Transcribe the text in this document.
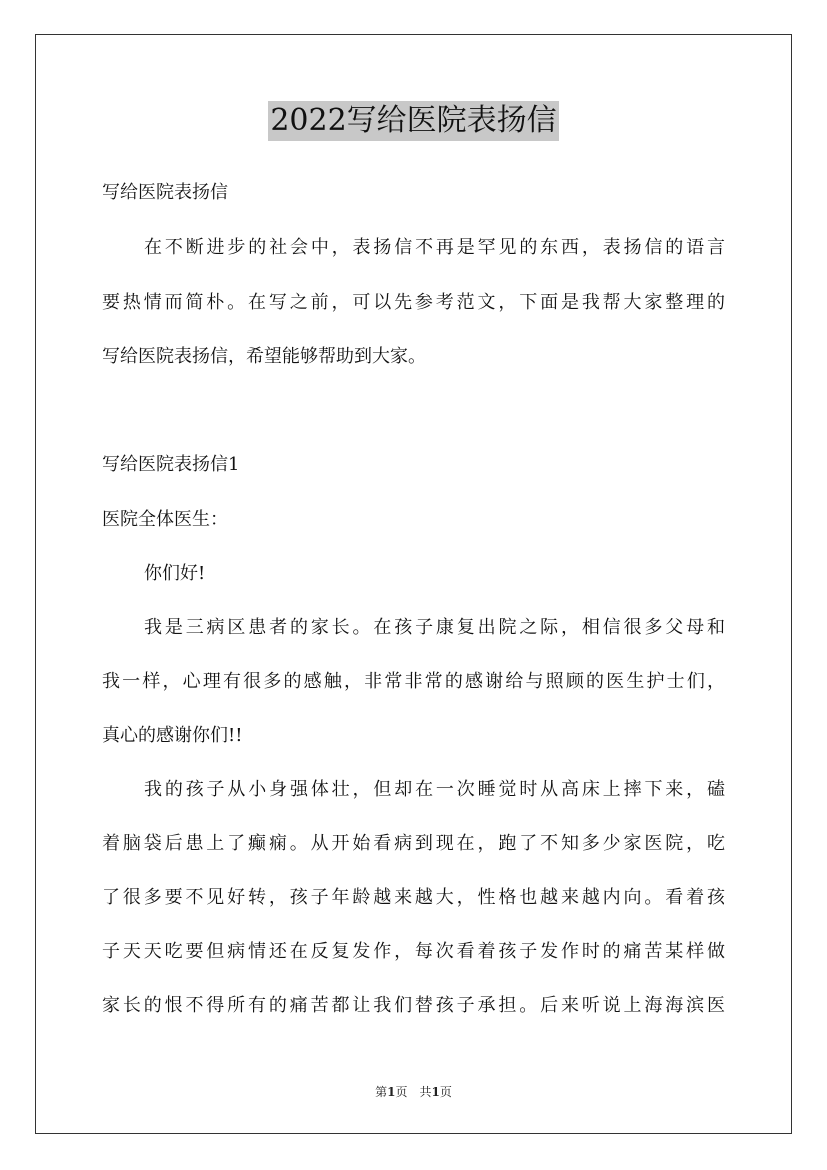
2022写给医院表扬信
写给医院表扬信
在不断进步的社会中，表扬信不再是罕见的东西，表扬信的语言
要热情而简朴。在写之前，可以先参考范文，下面是我帮大家整理的
写给医院表扬信，希望能够帮助到大家。
写给医院表扬信1
医院全体医生：
你们好!
我是三病区患者的家长。在孩子康复出院之际，相信很多父母和
我一样，心理有很多的感触，非常非常的感谢给与照顾的医生护士们，
真心的感谢你们!!
我的孩子从小身强体壮，但却在一次睡觉时从高床上摔下来，磕
着脑袋后患上了癫痫。从开始看病到现在，跑了不知多少家医院，吃
了很多要不见好转，孩子年龄越来越大，性格也越来越内向。看着孩
子天天吃要但病情还在反复发作，每次看着孩子发作时的痛苦某样做
家长的恨不得所有的痛苦都让我们替孩子承担。后来听说上海海滨医
第1页　共1页
